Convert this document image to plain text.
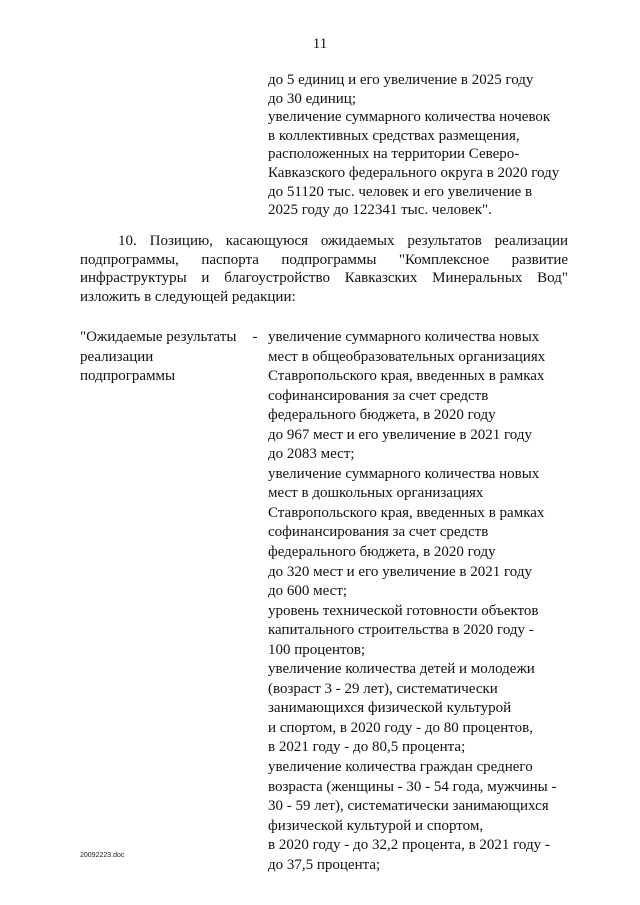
11
до 5 единиц и его увеличение в 2025 году
до 30 единиц;
увеличение суммарного количества ночевок
в коллективных средствах размещения,
расположенных на территории Северо-
Кавказского федерального округа в 2020 году
до 51120 тыс. человек и его увеличение в
2025 году до 122341 тыс. человек".
10. Позицию, касающуюся ожидаемых результатов реализации
подпрограммы, паспорта подпрограммы "Комплексное развитие
инфраструктуры и благоустройство Кавказских Минеральных Вод"
изложить в следующей редакции:
"Ожидаемые результаты
реализации
подпрограммы
- увеличение суммарного количества новых
мест в общеобразовательных организациях
Ставропольского края, введенных в рамках
софинансирования за счет средств
федерального бюджета, в 2020 году
до 967 мест и его увеличение в 2021 году
до 2083 мест;
увеличение суммарного количества новых
мест в дошкольных организациях
Ставропольского края, введенных в рамках
софинансирования за счет средств
федерального бюджета, в 2020 году
до 320 мест и его увеличение в 2021 году
до 600 мест;
уровень технической готовности объектов
капитального строительства в 2020 году -
100 процентов;
увеличение количества детей и молодежи
(возраст 3 - 29 лет), систематически
занимающихся физической культурой
и спортом, в 2020 году - до 80 процентов,
в 2021 году - до 80,5 процента;
увеличение количества граждан среднего
возраста (женщины - 30 - 54 года, мужчины -
30 - 59 лет), систематически занимающихся
физической культурой и спортом,
в 2020 году - до 32,2 процента, в 2021 году -
до 37,5 процента;
20092223.doc
